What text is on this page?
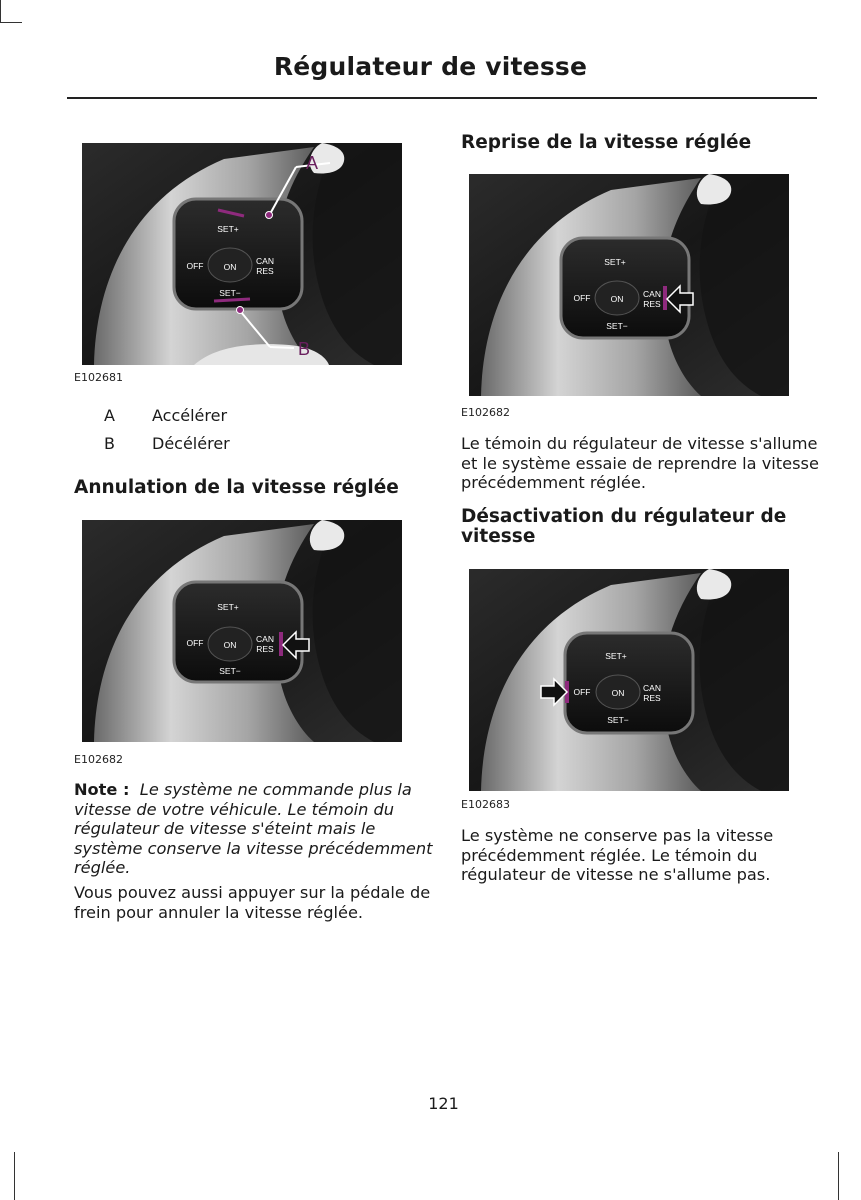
Régulateur de vitesse
SET+
OFF ON
CAN
RES
SET−
A
B
E102681
A Accélérer
B Décélérer
Annulation de la vitesse réglée
SET+
OFF ON
CAN
RES
SET−
E102682
Note : Le système ne commande plus la vitesse de votre véhicule. Le témoin du régulateur de vitesse s'éteint mais le système conserve la vitesse précédemment réglée.
Vous pouvez aussi appuyer sur la pédale de frein pour annuler la vitesse réglée.
Reprise de la vitesse réglée
SET+
OFF ON CAN
RES
SET−
E102682
Le témoin du régulateur de vitesse s'allume et le système essaie de reprendre la vitesse précédemment réglée.
Désactivation du régulateur de vitesse
SET+
OFF ON CAN
RES
SET−
E102683
Le système ne conserve pas la vitesse précédemment réglée. Le témoin du régulateur de vitesse ne s'allume pas.
121
